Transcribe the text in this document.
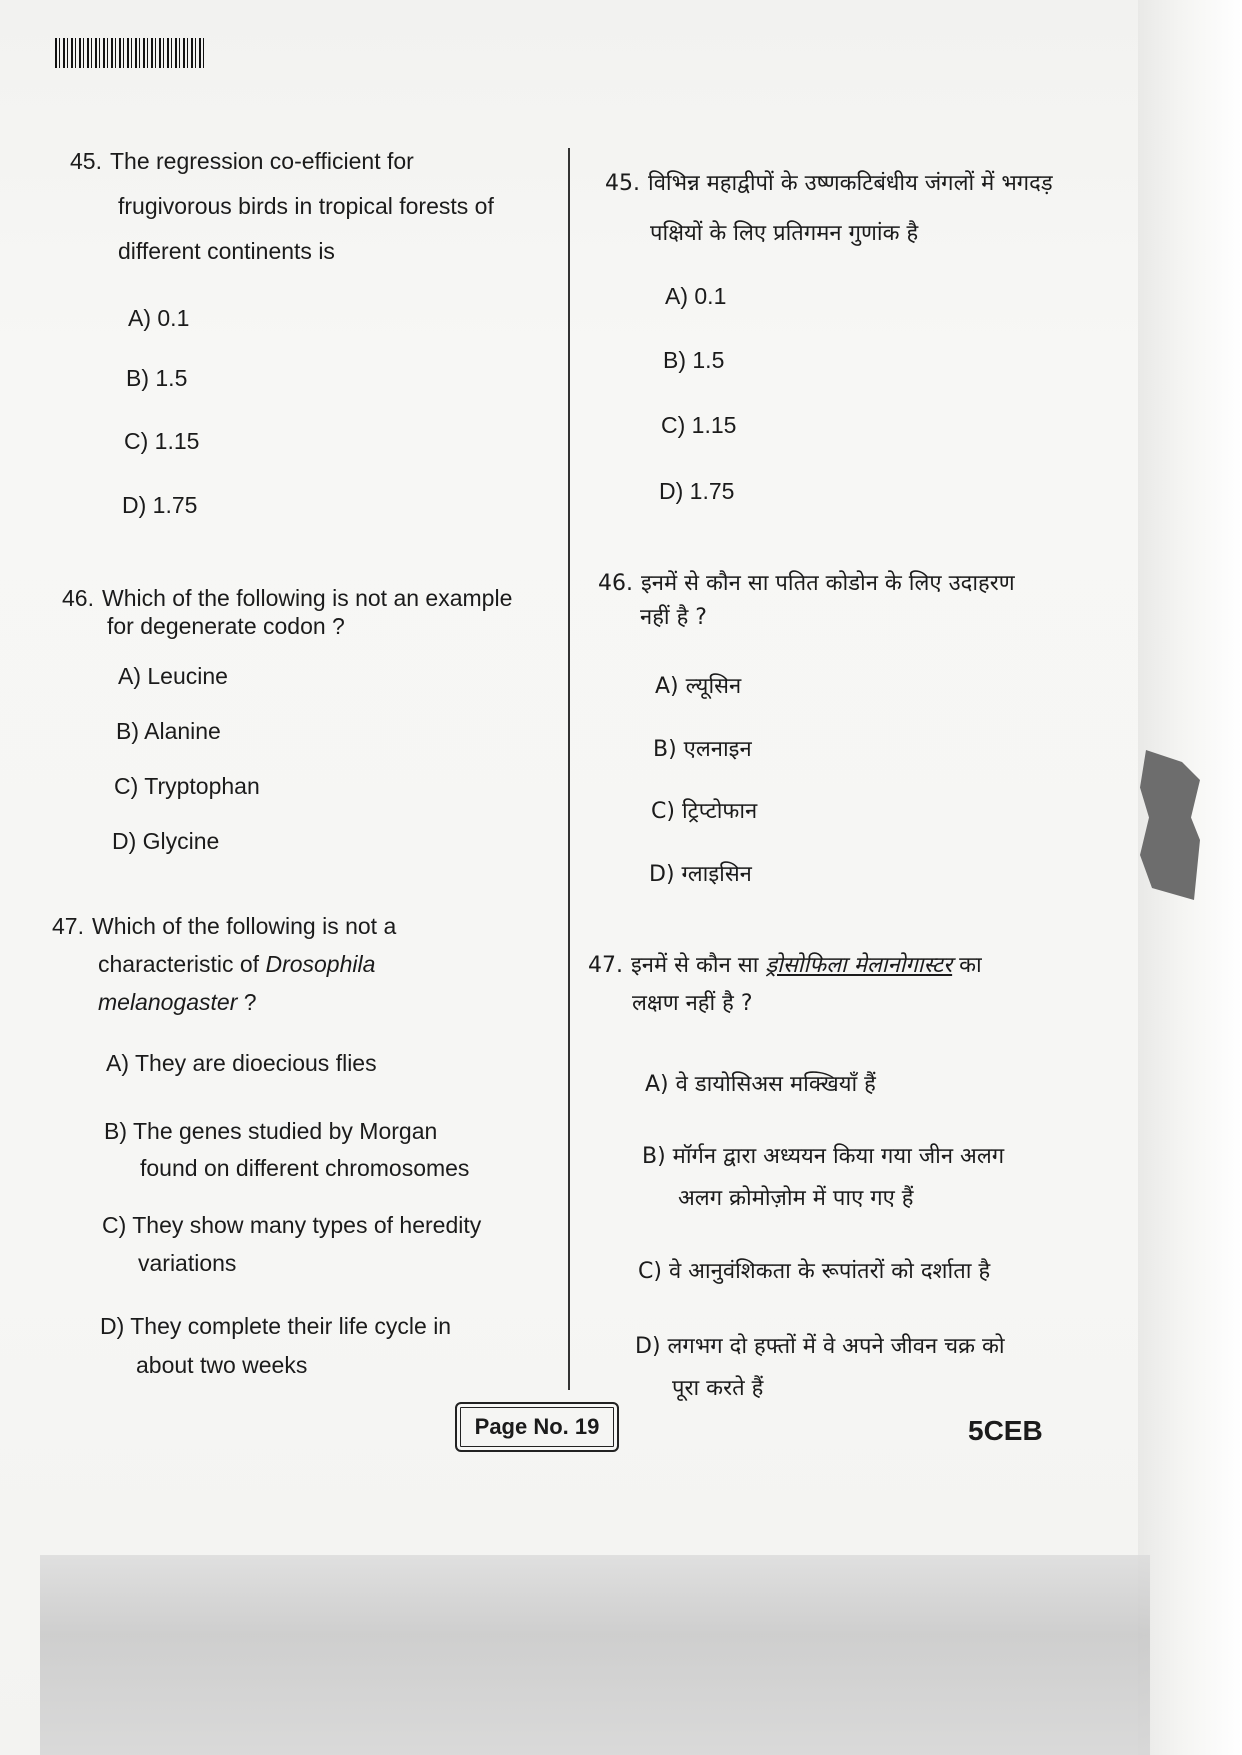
45. The regression co-efficient for
frugivorous birds in tropical forests of
different continents is
A) 0.1
B) 1.5
C) 1.15
D) 1.75
46. Which of the following is not an example
for degenerate codon ?
A) Leucine
B) Alanine
C) Tryptophan
D) Glycine
47. Which of the following is not a
characteristic of Drosophila
melanogaster ?
A) They are dioecious flies
B) The genes studied by Morgan
found on different chromosomes
C) They show many types of heredity
variations
D) They complete their life cycle in
about two weeks
45. विभिन्न महाद्वीपों के उष्णकटिबंधीय जंगलों में भगदड़
पक्षियों के लिए प्रतिगमन गुणांक है
A) 0.1
B) 1.5
C) 1.15
D) 1.75
46. इनमें से कौन सा पतित कोडोन के लिए उदाहरण
नहीं है ?
A) ल्यूसिन
B) एलनाइन
C) ट्रिप्टोफान
D) ग्लाइसिन
47. इनमें से कौन सा ड्रोसोफिला मेलानोगास्टर का
लक्षण नहीं है ?
A) वे डायोसिअस मक्खियाँ हैं
B) मॉर्गन द्वारा अध्ययन किया गया जीन अलग
अलग क्रोमोज़ोम में पाए गए हैं
C) वे आनुवंशिकता के रूपांतरों को दर्शाता है
D) लगभग दो हफ्तों में वे अपने जीवन चक्र को
पूरा करते हैं
Page No. 19	5CEB
